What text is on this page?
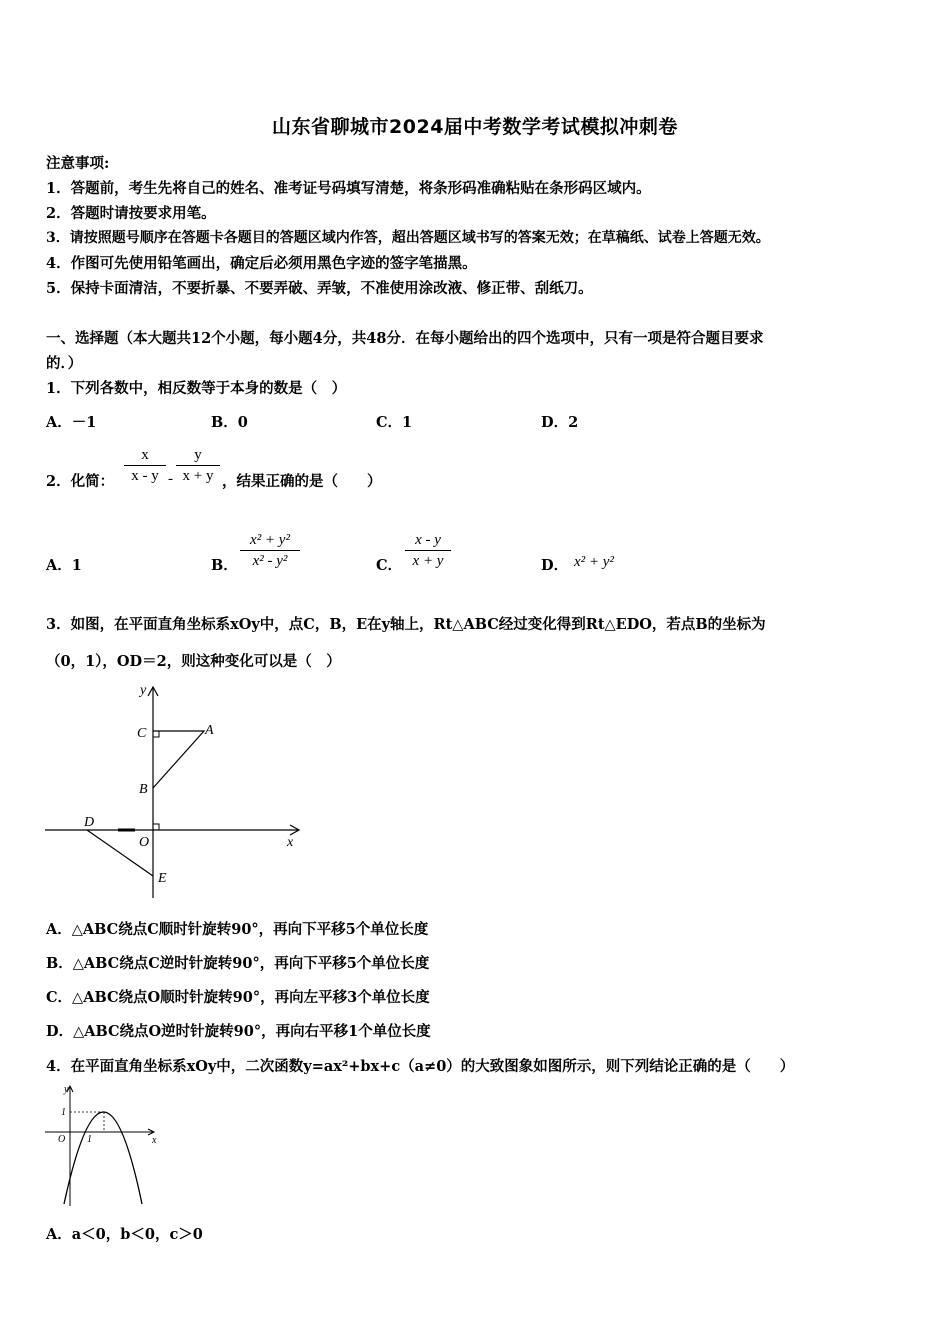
山东省聊城市2024届中考数学考试模拟冲刺卷
注意事项:
1．答题前，考生先将自己的姓名、准考证号码填写清楚，将条形码准确粘贴在条形码区域内。
2．答题时请按要求用笔。
3．请按照题号顺序在答题卡各题目的答题区域内作答，超出答题区域书写的答案无效；在草稿纸、试卷上答题无效。
4．作图可先使用铅笔画出，确定后必须用黑色字迹的签字笔描黑。
5．保持卡面清洁，不要折暴、不要弄破、弄皱，不准使用涂改液、修正带、刮纸刀。
一、选择题（本大题共12个小题，每小题4分，共48分．在每小题给出的四个选项中，只有一项是符合题目要求
的．）
1．下列各数中，相反数等于本身的数是（　）
A．－1	B．0	C．1	D．2
2．化简：
x
x - y -
y
x + y ，结果正确的是（　　）
A．1	B．
x² + y²
x² - y²	C．
x - y
x + y	D． x² + y²
3．如图，在平面直角坐标系xOy中，点C，B，E在y轴上，Rt△ABC经过变化得到Rt△EDO，若点B的坐标为
（0，1），OD＝2，则这种变化可以是（　）
y
x
C	A
B
D
O
E
A．△ABC绕点C顺时针旋转90°，再向下平移5个单位长度
B．△ABC绕点C逆时针旋转90°，再向下平移5个单位长度
C．△ABC绕点O顺时针旋转90°，再向左平移3个单位长度
D．△ABC绕点O逆时针旋转90°，再向右平移1个单位长度
4．在平面直角坐标系xOy中，二次函数y=ax²+bx+c（a≠0）的大致图象如图所示，则下列结论正确的是（　　）
y
x
O
1
1
A．a＜0，b＜0，c＞0
